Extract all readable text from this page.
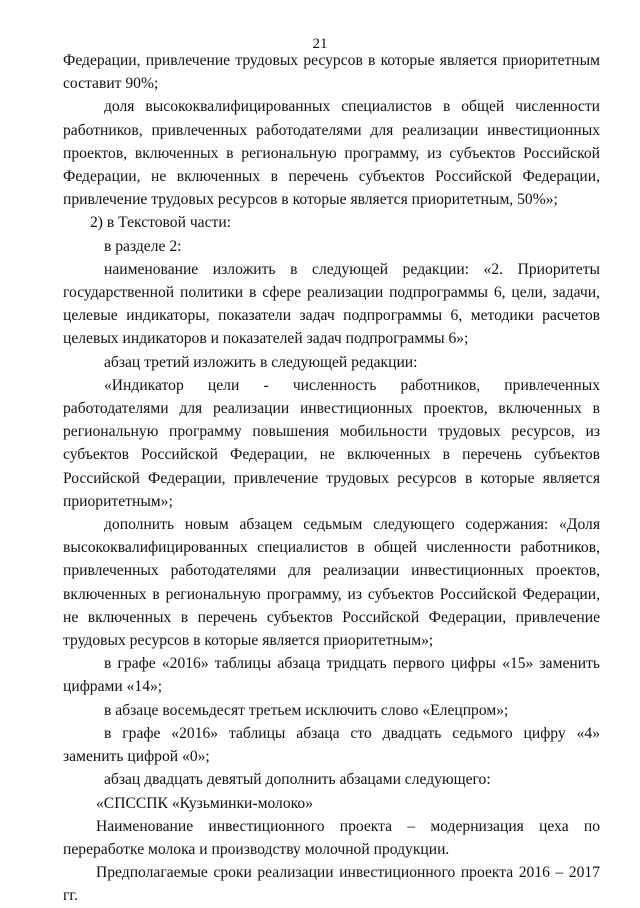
21

Федерации, привлечение трудовых ресурсов в которые является приоритетным составит 90%;

доля высококвалифицированных специалистов в общей численности работников, привлеченных работодателями для реализации инвестиционных проектов, включенных в региональную программу, из субъектов Российской Федерации, не включенных в перечень субъектов Российской Федерации, привлечение трудовых ресурсов в которые является приоритетным, 50%»;

2) в Текстовой части:

в разделе 2:

наименование изложить в следующей редакции: «2. Приоритеты государственной политики в сфере реализации подпрограммы 6, цели, задачи, целевые индикаторы, показатели задач подпрограммы 6, методики расчетов целевых индикаторов и показателей задач подпрограммы 6»;

абзац третий изложить в следующей редакции:

«Индикатор цели - численность работников, привлеченных работодателями для реализации инвестиционных проектов, включенных в региональную программу повышения мобильности трудовых ресурсов, из субъектов Российской Федерации, не включенных в перечень субъектов Российской Федерации, привлечение трудовых ресурсов в которые является приоритетным»;

дополнить новым абзацем седьмым следующего содержания: «Доля высококвалифицированных специалистов в общей численности работников, привлеченных работодателями для реализации инвестиционных проектов, включенных в региональную программу, из субъектов Российской Федерации, не включенных в перечень субъектов Российской Федерации, привлечение трудовых ресурсов в которые является приоритетным»;

в графе «2016» таблицы абзаца тридцать первого цифры «15» заменить цифрами «14»;

в абзаце восемьдесят третьем исключить слово «Елецпром»;

в графе «2016» таблицы абзаца сто двадцать седьмого цифру «4» заменить цифрой «0»;

абзац двадцать девятый дополнить абзацами следующего:

«СПССПК «Кузьминки-молоко»

Наименование инвестиционного проекта – модернизация цеха по переработке молока и производству молочной продукции.

Предполагаемые сроки реализации инвестиционного проекта 2016 – 2017 гг.
